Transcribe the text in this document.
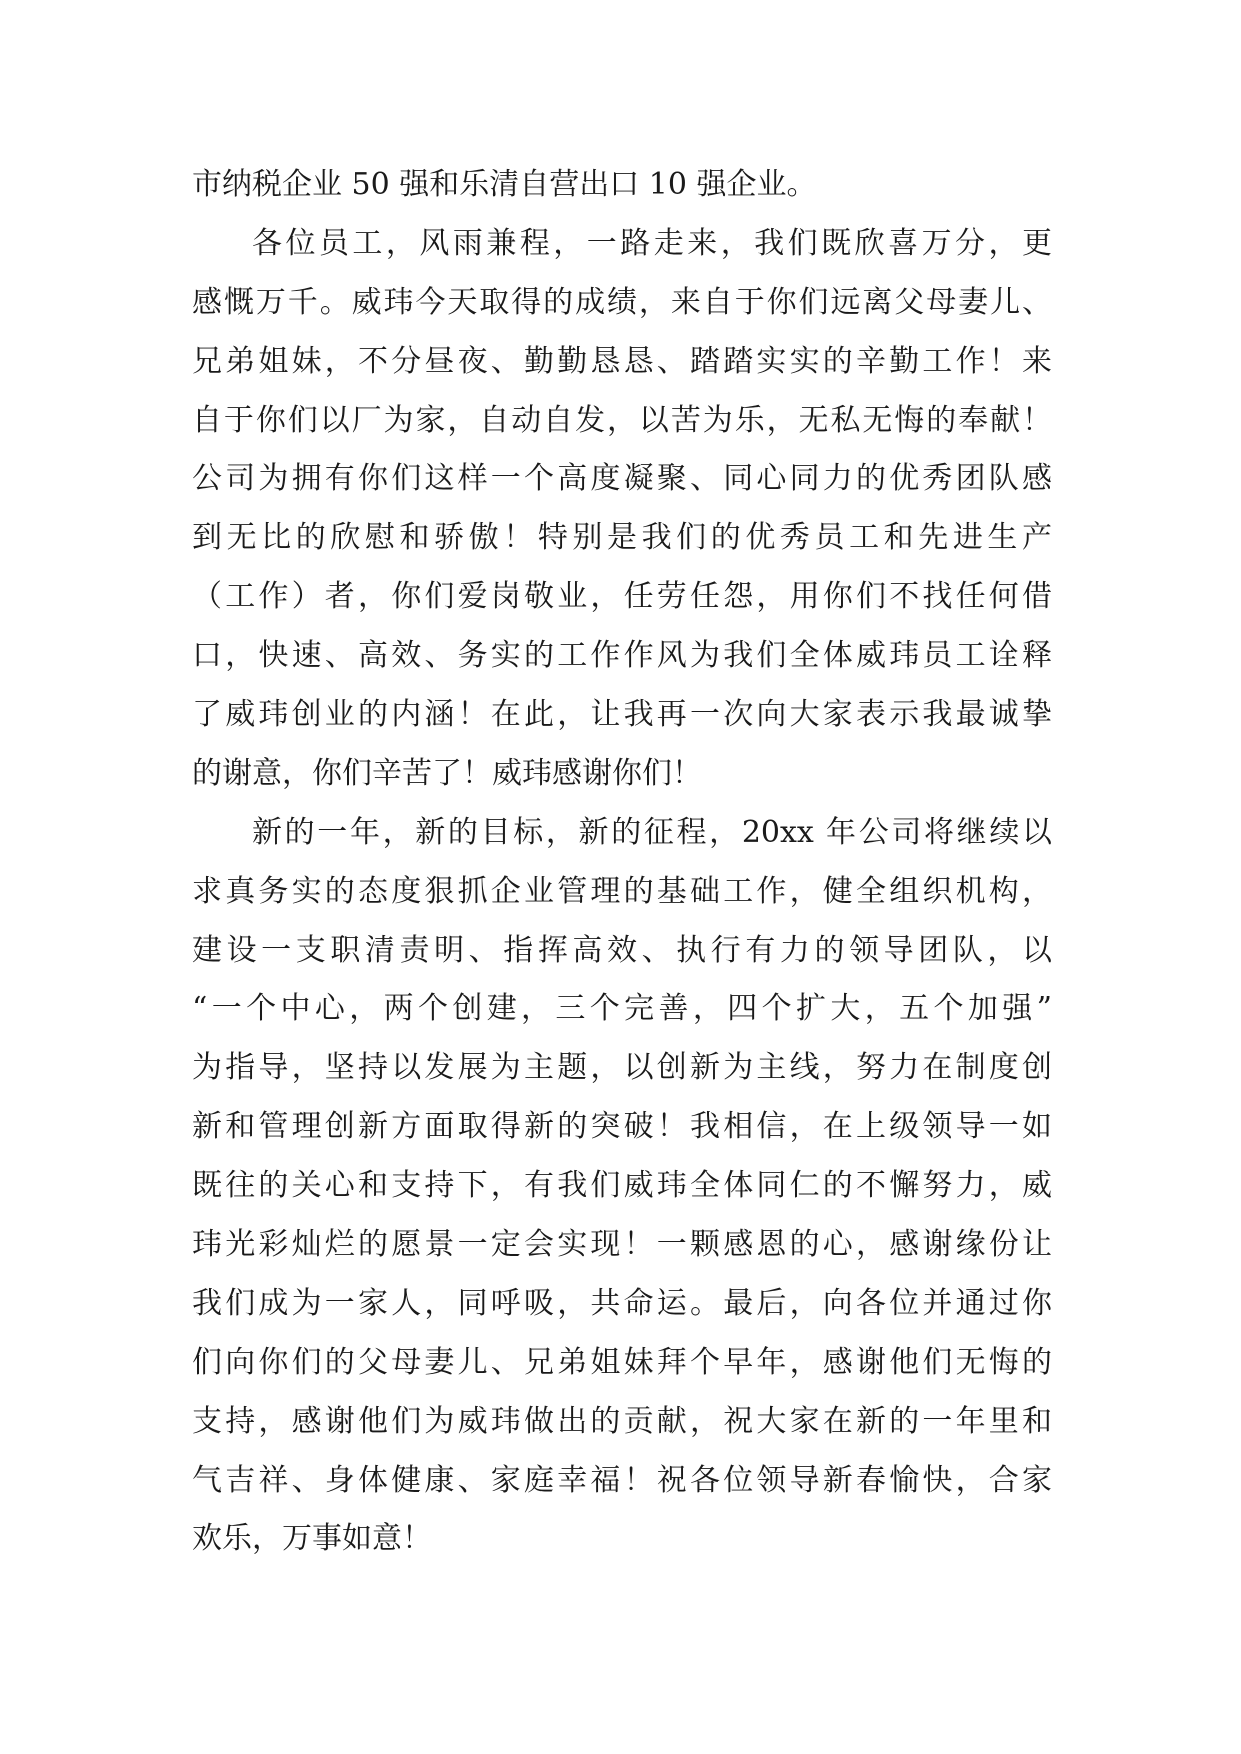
市纳税企业 50 强和乐清自营出口 10 强企业。
各位员工，风雨兼程，一路走来，我们既欣喜万分，更
感慨万千。威玮今天取得的成绩，来自于你们远离父母妻儿、
兄弟姐妹，不分昼夜、勤勤恳恳、踏踏实实的辛勤工作！来
自于你们以厂为家，自动自发，以苦为乐，无私无悔的奉献！
公司为拥有你们这样一个高度凝聚、同心同力的优秀团队感
到无比的欣慰和骄傲！特别是我们的优秀员工和先进生产
（工作）者，你们爱岗敬业，任劳任怨，用你们不找任何借
口，快速、高效、务实的工作作风为我们全体威玮员工诠释
了威玮创业的内涵！在此，让我再一次向大家表示我最诚挚
的谢意，你们辛苦了！威玮感谢你们！
新的一年，新的目标，新的征程，20xx 年公司将继续以
求真务实的态度狠抓企业管理的基础工作，健全组织机构，
建设一支职清责明、指挥高效、执行有力的领导团队，以
“一个中心，两个创建，三个完善，四个扩大，五个加强”
为指导，坚持以发展为主题，以创新为主线，努力在制度创
新和管理创新方面取得新的突破！我相信，在上级领导一如
既往的关心和支持下，有我们威玮全体同仁的不懈努力，威
玮光彩灿烂的愿景一定会实现！一颗感恩的心，感谢缘份让
我们成为一家人，同呼吸，共命运。最后，向各位并通过你
们向你们的父母妻儿、兄弟姐妹拜个早年，感谢他们无悔的
支持，感谢他们为威玮做出的贡献，祝大家在新的一年里和
气吉祥、身体健康、家庭幸福！祝各位领导新春愉快，合家
欢乐，万事如意！
